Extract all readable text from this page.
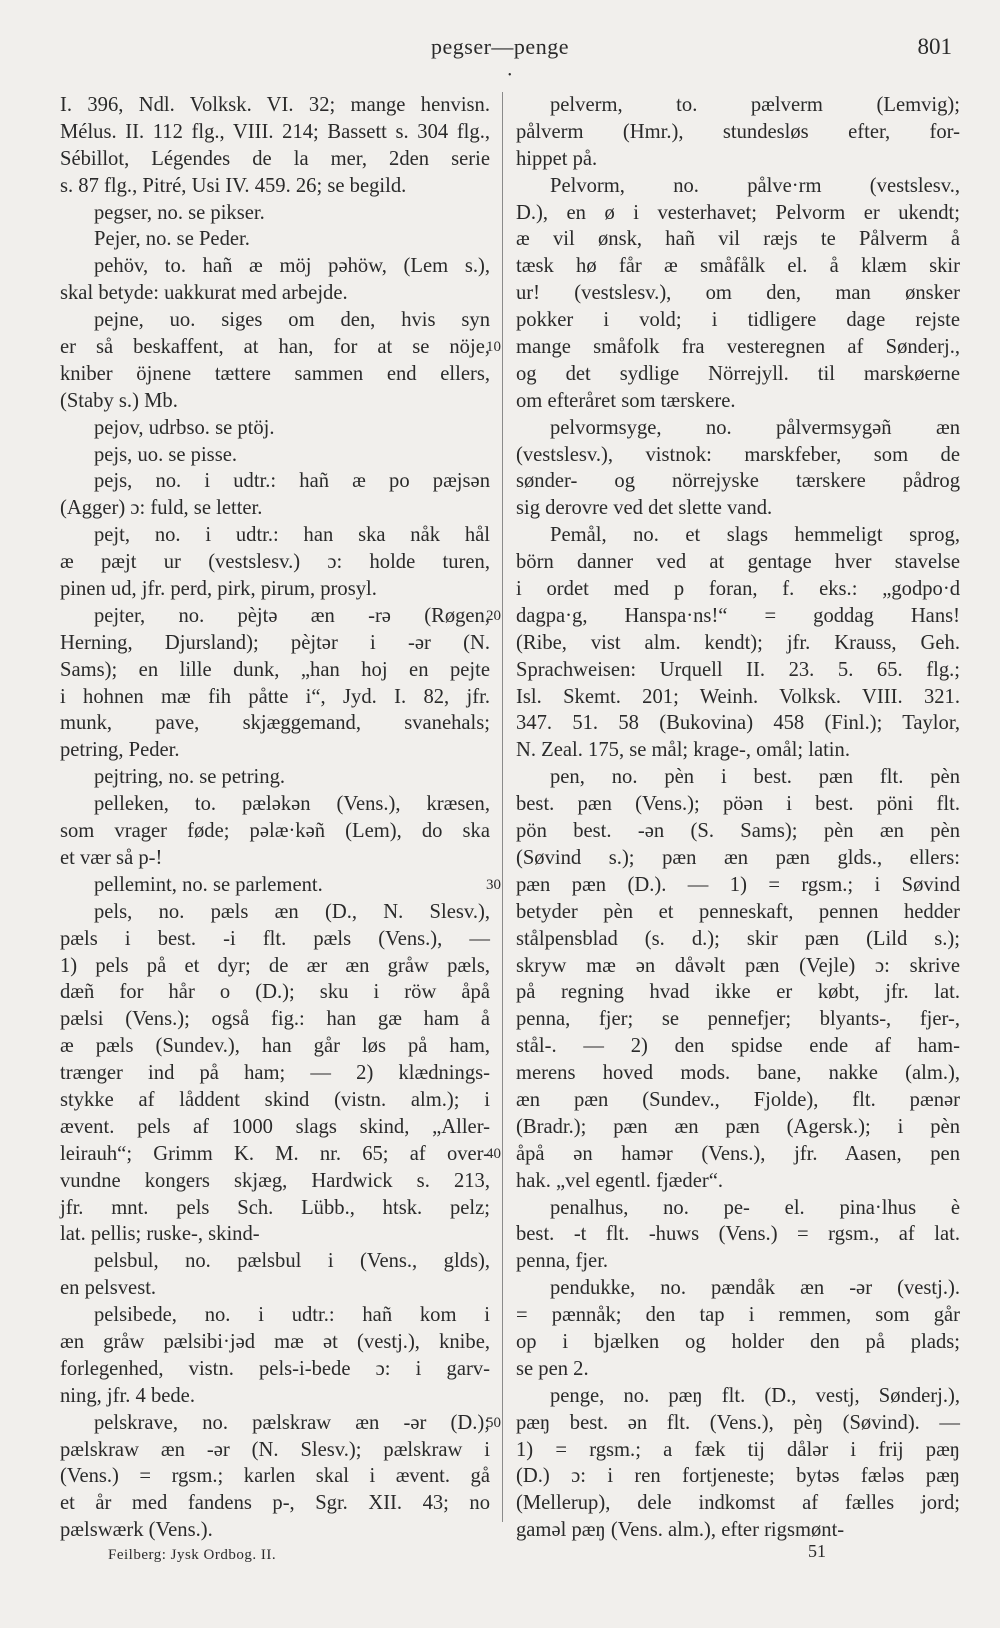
pegser—penge	801
•
I. 396, Ndl. Volksk. VI. 32; mange henvisn.
Mélus. II. 112 flg., VIII. 214; Bassett s. 304 flg.,
Sébillot, Légendes de la mer, 2den serie
s. 87 flg., Pitré, Usi IV. 459. 26; se begild.
pegser, no. se pikser.
Pejer, no. se Peder.
pehöv, to. hañ æ möj pəhöw, (Lem s.),
skal betyde: uakkurat med arbejde.
pejne, uo. siges om den, hvis syn
er så beskaffent, at han, for at se nöje,
kniber öjnene tættere sammen end ellers,
(Staby s.) Mb.
pejov, udrbso. se ptöj.
pejs, uo. se pisse.
pejs, no. i udtr.: hañ æ po pæjsən
(Agger) ɔ: fuld, se letter.
pejt, no. i udtr.: han ska nåk hål
æ pæjt ur (vestslesv.) ɔ: holde turen,
pinen ud, jfr. perd, pirk, pirum, prosyl.
pejter, no. pèjtə æn -rə (Røgen,
Herning, Djursland); pèjtər i -ər (N.
Sams); en lille dunk, „han hoj en pejte
i hohnen mæ fih påtte i“, Jyd. I. 82, jfr.
munk, pave, skjæggemand, svanehals;
petring, Peder.
pejtring, no. se petring.
pelleken, to. pæləkən (Vens.), kræsen,
som vrager føde; pəlæ·kəñ (Lem), do ska
et vær så p-!
pellemint, no. se parlement.
pels, no. pæls æn (D., N. Slesv.),
pæls i best. -i flt. pæls (Vens.), —
1) pels på et dyr; de ær æn gråw pæls,
dæñ for hår o (D.); sku i röw åpå
pælsi (Vens.); også fig.: han gæ ham å
æ pæls (Sundev.), han går løs på ham,
trænger ind på ham; — 2) klædnings-
stykke af låddent skind (vistn. alm.); i
ævent. pels af 1000 slags skind, „Aller-
leirauh“; Grimm K. M. nr. 65; af over-
vundne kongers skjæg, Hardwick s. 213,
jfr. mnt. pels Sch. Lübb., htsk. pelz;
lat. pellis; ruske-, skind-
pelsbul, no. pælsbul i (Vens., glds),
en pelsvest.
pelsibede, no. i udtr.: hañ kom i
æn gråw pælsibi·jəd mæ ət (vestj.), knibe,
forlegenhed, vistn. pels-i-bede ɔ: i garv-
ning, jfr. 4 bede.
pelskrave, no. pælskraw æn -ər (D.);
pælskraw æn -ər (N. Slesv.); pælskraw i
(Vens.) = rgsm.; karlen skal i ævent. gå
et år med fandens p-, Sgr. XII. 43; no
pælswærk (Vens.).
10
20
30
40
50
pelverm, to. pælverm (Lemvig);
pålverm (Hmr.), stundesløs efter, for-
hippet på.
Pelvorm, no. pålve·rm (vestslesv.,
D.), en ø i vesterhavet; Pelvorm er ukendt;
æ vil ønsk, hañ vil ræjs te Pålverm å
tæsk hø får æ småfålk el. å klæm skir
ur! (vestslesv.), om den, man ønsker
pokker i vold; i tidligere dage rejste
mange småfolk fra vesteregnen af Sønderj.,
og det sydlige Nörrejyll. til marskøerne
om efteråret som tærskere.
pelvormsyge, no. pålvermsygəñ æn
(vestslesv.), vistnok: marskfeber, som de
sønder- og nörrejyske tærskere pådrog
sig derovre ved det slette vand.
Pemål, no. et slags hemmeligt sprog,
börn danner ved at gentage hver stavelse
i ordet med p foran, f. eks.: „godpo·d
dagpa·g, Hanspa·ns!“ = goddag Hans!
(Ribe, vist alm. kendt); jfr. Krauss, Geh.
Sprachweisen: Urquell II. 23. 5. 65. flg.;
Isl. Skemt. 201; Weinh. Volksk. VIII. 321.
347. 51. 58 (Bukovina) 458 (Finl.); Taylor,
N. Zeal. 175, se mål; krage-, omål; latin.
pen, no. pèn i best. pæn flt. pèn
best. pæn (Vens.); pöən i best. pöni flt.
pön best. -ən (S. Sams); pèn æn pèn
(Søvind s.); pæn æn pæn glds., ellers:
pæn pæn (D.). — 1) = rgsm.; i Søvind
betyder pèn et penneskaft, pennen hedder
stålpensblad (s. d.); skir pæn (Lild s.);
skryw mæ ən dåvəlt pæn (Vejle) ɔ: skrive
på regning hvad ikke er købt, jfr. lat.
penna, fjer; se pennefjer; blyants-, fjer-,
stål-. — 2) den spidse ende af ham-
merens hoved mods. bane, nakke (alm.),
æn pæn (Sundev., Fjolde), flt. pænər
(Bradr.); pæn æn pæn (Agersk.); i pèn
åpå ən hamər (Vens.), jfr. Aasen, pen
hak. „vel egentl. fjæder“.
penalhus, no. pe- el. pina·lhus è
best. -t flt. -huws (Vens.) = rgsm., af lat.
penna, fjer.
pendukke, no. pændåk æn -ər (vestj.).
= pænnåk; den tap i remmen, som går
op i bjælken og holder den på plads;
se pen 2.
penge, no. pæŋ flt. (D., vestj, Sønderj.),
pæŋ best. ən flt. (Vens.), pèŋ (Søvind). —
1) = rgsm.; a fæk tij dålər i frij pæŋ
(D.) ɔ: i ren fortjeneste; bytəs fæləs pæŋ
(Mellerup), dele indkomst af fælles jord;
gaməl pæŋ (Vens. alm.), efter rigsmønt-
Feilberg: Jysk Ordbog. II.	51
